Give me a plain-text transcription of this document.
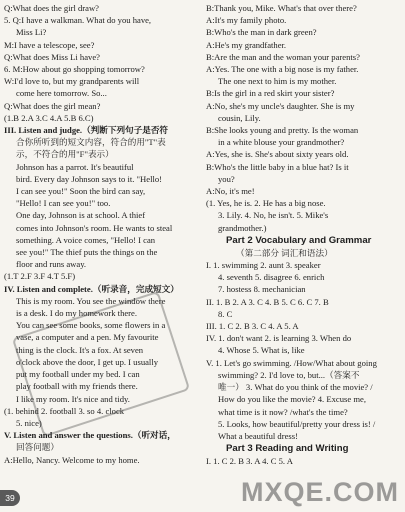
Q:What does the girl draw?
5. Q:I have a walkman. What do you have,
Miss Li?
M:I have a telescope, see?
Q:What does Miss Li have?
6. M:How about go shopping tomorrow?
W:I'd love to, but my grandparents will
come here tomorrow. So...
Q:What does the girl mean?
(1.B 2.A 3.C 4.A 5.B 6.C)
III. Listen and judge.（判断下列句子是否符
合你所听到的短文内容，符合的用"T"表
示，不符合的用"F"表示）
Johnson has a parrot. It's beautiful
bird. Every day Johnson says to it. "Hello!
I can see you!" Soon the bird can say,
"Hello! I can see you!" too.
One day, Johnson is at school. A thief
comes into Johnson's room. He wants to steal
something. A voice comes, "Hello! I can
see you!" The thief puts the things on the
floor and runs away.
(1.T 2.F 3.F 4.T 5.F)
IV. Listen and complete.（听录音，完成短文）
This is my room. You see the window there
is a desk. I do my homework there.
You can see some books, some flowers in a
vase, a computer and a pen. My favourite
thing is the clock. It's a fox. At seven
o'clock above the door, I get up. I usually
put my football under my bed. I can
play football with my friends there.
I like my room. It's nice and tidy.
(1. behind 2. football 3. so 4. clock
5. nice)
V. Listen and answer the questions.（听对话，
回答问题）
A:Hello, Nancy. Welcome to my home.
B:Thank you, Mike. What's that over there?
A:It's my family photo.
B:Who's the man in dark green?
A:He's my grandfather.
B:Are the man and the woman your parents?
A:Yes. The one with a big nose is my father.
The one next to him is my mother.
B:Is the girl in a red skirt your sister?
A:No, she's my uncle's daughter. She is my
cousin, Lily.
B:She looks young and pretty. Is the woman
in a white blouse your grandmother?
A:Yes, she is. She's about sixty years old.
B:Who's the little baby in a blue hat? Is it
you?
A:No, it's me!
(1. Yes, he is. 2. He has a big nose.
3. Lily. 4. No, he isn't. 5. Mike's
grandmother.)
Part 2 Vocabulary and Grammar
（第二部分 词汇和语法）
I. 1. swimming 2. aunt 3. speaker
4. seventh 5. disagree 6. enrich
7. hostess 8. mechanician
II. 1. B 2. A 3. C 4. B 5. C 6. C 7. B
8. C
III. 1. C 2. B 3. C 4. A 5. A
IV. 1. don't want 2. is learning 3. When do
4. Whose 5. What is, like
V. 1. Let's go swimming. /How/What about going
swimming? 2. I'd love to, but...（答案不
唯一） 3. What do you think of the movie? /
How do you like the movie? 4. Excuse me,
what time is it now? /what's the time?
5. Looks, how beautiful/pretty your dress is! /
What a beautiful dress!
Part 3 Reading and Writing
I. 1. C 2. B 3. A 4. C 5. A
39	MXQE.COM
